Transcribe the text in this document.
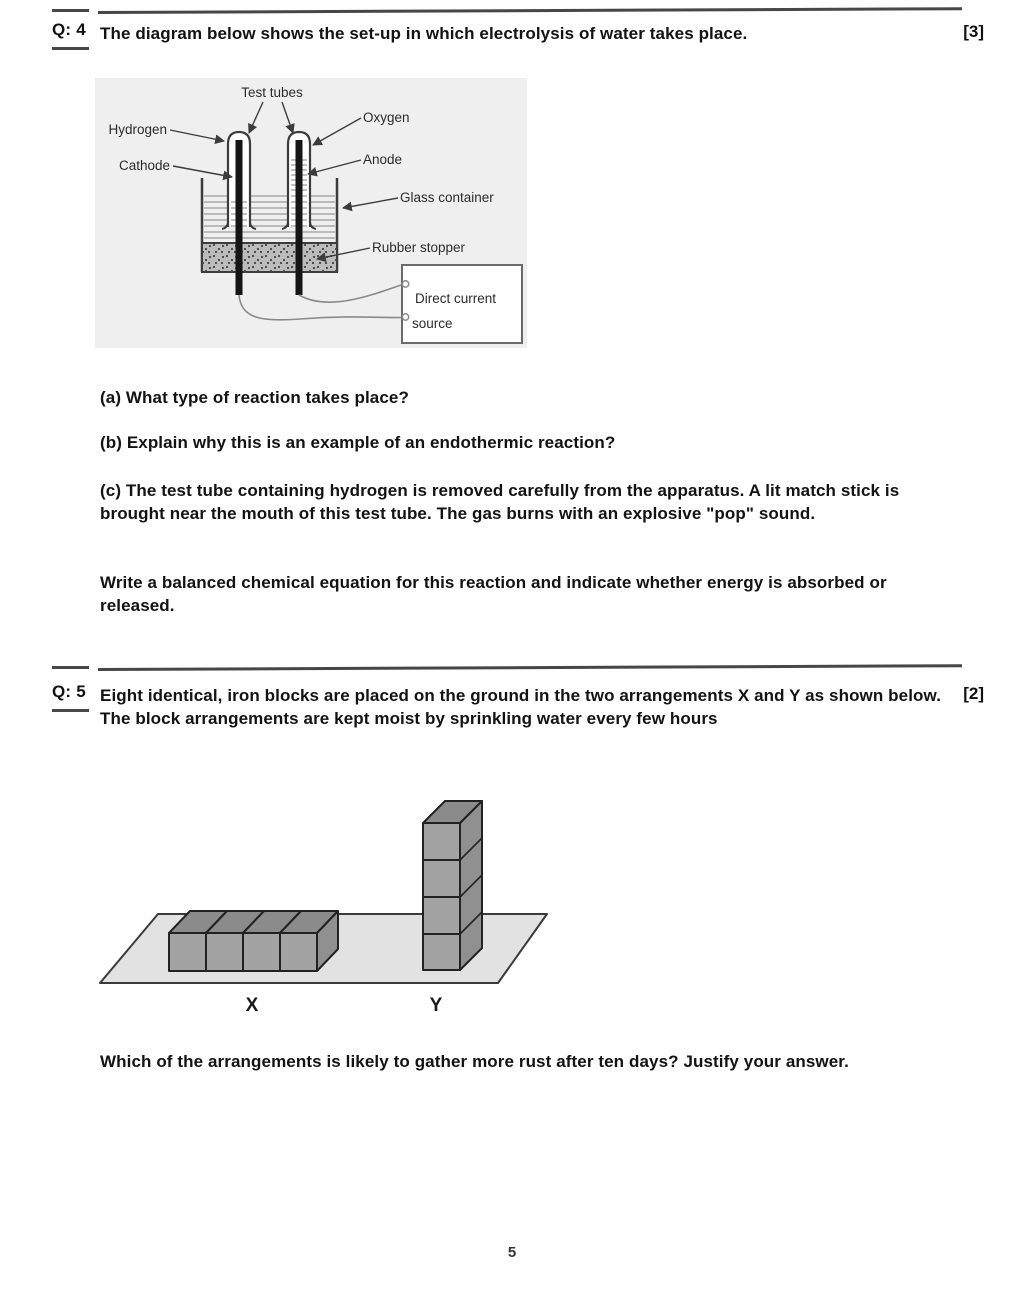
Q: 4 The diagram below shows the set-up in which electrolysis of water takes place.	[3]
Direct current
source
Test tubes
Hydrogen
Cathode
Oxygen
Anode
Glass container
Rubber stopper
(a) What type of reaction takes place?
(b) Explain why this is an example of an endothermic reaction?
(c) The test tube containing hydrogen is removed carefully from the apparatus. A lit match stick is brought near the mouth of this test tube. The gas burns with an explosive "pop" sound.
Write a balanced chemical equation for this reaction and indicate whether energy is absorbed or released.
Q: 5 Eight identical, iron blocks are placed on the ground in the two arrangements X and Y as shown below. The block arrangements are kept moist by sprinkling water every few hours
[2]
X	Y
Which of the arrangements is likely to gather more rust after ten days? Justify your answer.
5
